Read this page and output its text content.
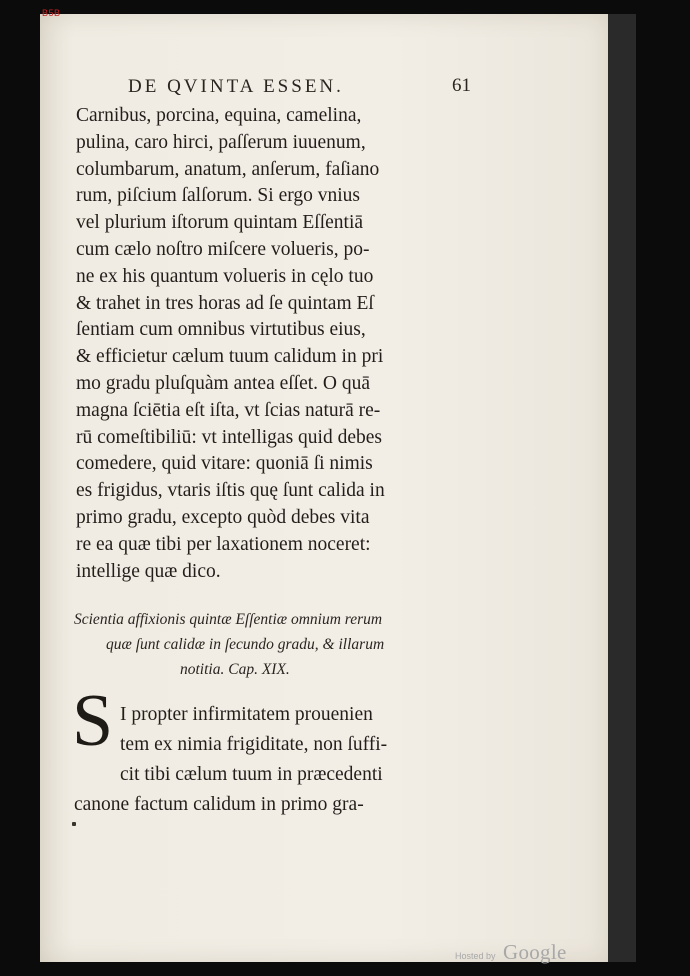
B5B
DE QVINTA ESSEN.	61
Carnibus, porcina, equina, camelina,
pulina, caro hirci, paſſerum iuuenum,
columbarum, anatum, anſerum, faſiano
rum, piſcium ſalſorum. Si ergo vnius
vel plurium iſtorum quintam Eſſentiā
cum cælo noſtro miſcere volueris, po-
ne ex his quantum volueris in cęlo tuo
& trahet in tres horas ad ſe quintam Eſ
ſentiam cum omnibus virtutibus eius,
& efficietur cælum tuum calidum in pri
mo gradu pluſquàm antea eſſet. O quā
magna ſciētia eſt iſta, vt ſcias naturā re-
rū comeſtibiliū: vt intelligas quid debes
comedere, quid vitare: quoniā ſi nimis
es frigidus, vtaris iſtis quę ſunt calida in
primo gradu, excepto quòd debes vita
re ea quæ tibi per laxationem noceret:
intellige quæ dico.
Scientia affixionis quintæ Eſſentiæ omnium rerum
quæ ſunt calidæ in ſecundo gradu, & illarum
notitia. Cap. XIX.
S I propter infirmitatem prouenien
tem ex nimia frigiditate, non ſuffi-
cit tibi cælum tuum in præcedenti
canone factum calidum in primo gra-
Hosted by Google
